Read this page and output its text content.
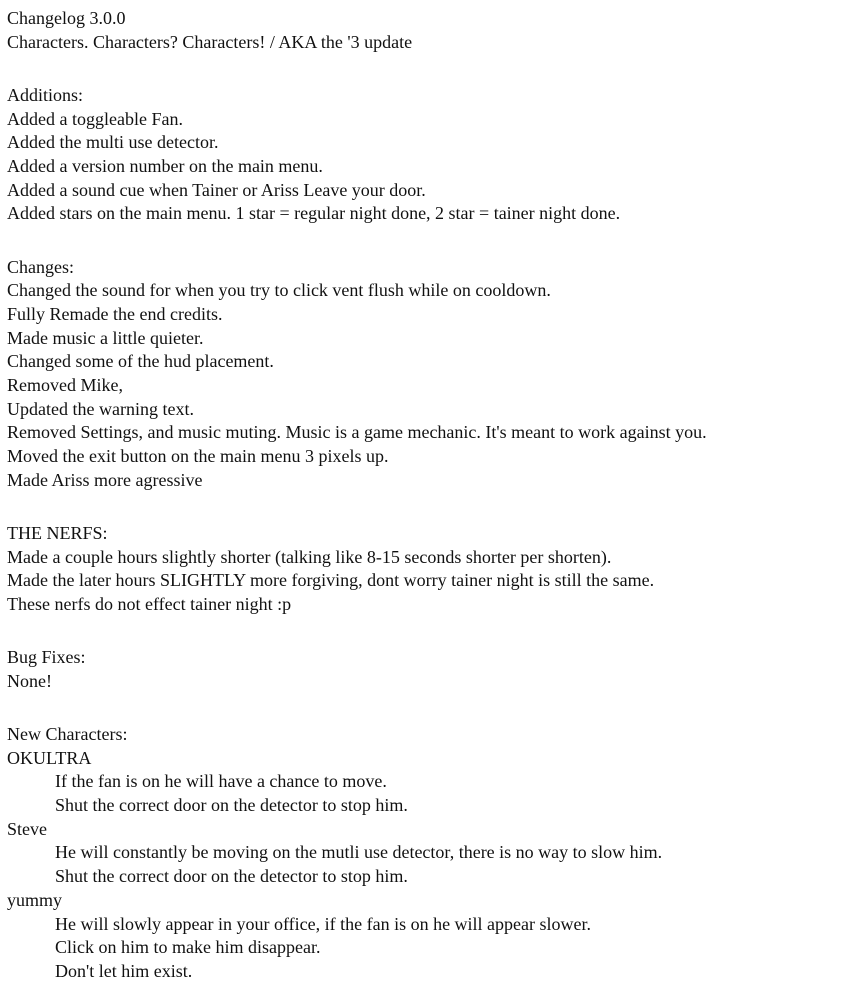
Changelog 3.0.0
Characters. Characters? Characters! / AKA the '3 update
Additions:
Added a toggleable Fan.
Added the multi use detector.
Added a version number on the main menu.
Added a sound cue when Tainer or Ariss Leave your door.
Added stars on the main menu. 1 star = regular night done, 2 star = tainer night done.
Changes:
Changed the sound for when you try to click vent flush while on cooldown.
Fully Remade the end credits.
Made music a little quieter.
Changed some of the hud placement.
Removed Mike,
Updated the warning text.
Removed Settings, and music muting. Music is a game mechanic. It's meant to work against you.
Moved the exit button on the main menu 3 pixels up.
Made Ariss more agressive
THE NERFS:
Made a couple hours slightly shorter (talking like 8-15 seconds shorter per shorten).
Made the later hours SLIGHTLY more forgiving, dont worry tainer night is still the same.
These nerfs do not effect tainer night :p
Bug Fixes:
None!
New Characters:
OKULTRA
If the fan is on he will have a chance to move.
Shut the correct door on the detector to stop him.
Steve
He will constantly be moving on the mutli use detector, there is no way to slow him.
Shut the correct door on the detector to stop him.
yummy
He will slowly appear in your office, if the fan is on he will appear slower.
Click on him to make him disappear.
Don't let him exist.
